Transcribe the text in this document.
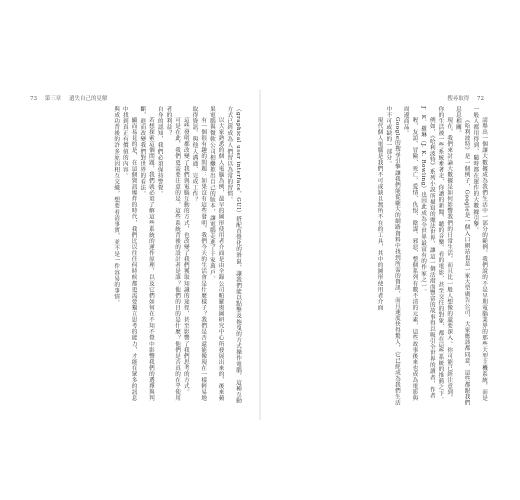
73 第三章 遺失自己的見解	搜尋取得 72

（graphical user interface，GUI）搭配直覺化的滑鼠，讓我們能以點擊及拖曳的方式操作電腦，這種互動方式已經成為人們習以為常的習慣。

以大家熟悉的個人電腦為例，最早的圖形使用者介面是由全錄公司帕羅奧圖研究中心所發展出來的，後來蘋果電腦與微軟公司相繼推出自己的版本，讓電腦走進了千家萬戶。

有一個很有趣的問題：如果沒有這些發明，我們今天的生活會是什麼樣子？我們是否還能像現在一樣輕易地取得資訊、與他人溝通、完成工作？

這些發明都改變了我們與電腦互動的方式，也改變了我們獲取知識的途徑，甚至影響了我們思考的方式。

可是在此，我們更需要注意的是，這些系統背後的設計者是誰？他們的目的是什麼？他們是否真的在乎使用者的利益？

自身的認知，我們必須保持警覺。

若想探索這個問題，我們就必須了解這些系統的運作原理，以及它們如何在不知不覺中影響我們的選擇與判斷，進而改變我們對世界的看法。

顯而易見的是，在這個資訊爆炸的時代，我們比以往任何時候都更需要獨立思考的能力，才能在眾多的訊息中找到真正有價值的內容。

與成功背後的許多原因相互交織，想要看清事實，並不是一件容易的事情。	請舉出一個讓大數據成為我們生活中一部分的範例。我們說的不是早期電腦業界的那些大型主機系統，而是一般人都用得到、隨時都在運作的大數據引擎。

《哈利波特》是一個例子，Google是一個入口網站也是一家大型廣告公司，大家應該都同意，這些都跟我們息息相關。

現在，我們來討論大數據是如何影響我們的日常生活，而且比一般人想像的還要深入。你可能已經注意到，你的生活被一些系統牽著走，你讀的新聞、聽的音樂、看的電影，甚至交往的對象，都在這些系統的推薦之下。

例如，《哈利波特》系列小說所描寫的魔法世界，讓這一個活潑而豐富的故事得以吸引全世界的讀者，作者J．K．羅琳（J. K. Rowling）也因此成為全世界最富有的作家之一。

喔，友誼、冒險、死亡、愛情、仇恨、陰謀、邪惡，整個系列有數不清的元素，這些故事後來也成為電影與周邊商品。

Google的搜尋引擎讓我們能從龐大的網路資料中找到所需的資訊，而且速度快得驚人，它已經成為我們生活中不可或缺的一部分。

現代個人電腦是我們不可或缺且無所不在的工具，其中的圖形使用者介面
